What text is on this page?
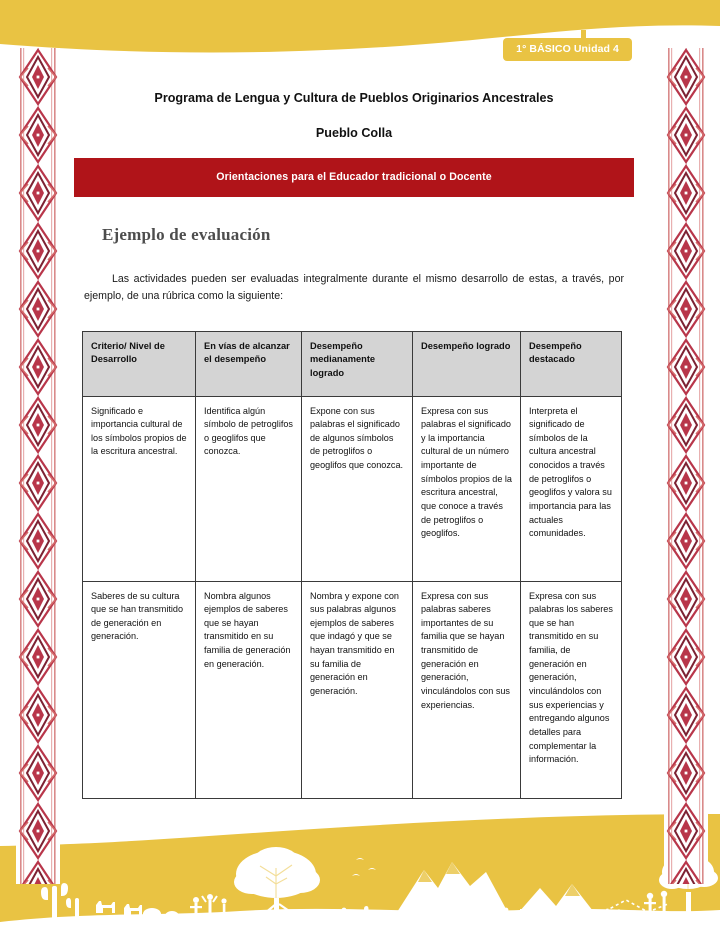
1° BÁSICO Unidad 4
Programa de Lengua y Cultura de Pueblos Originarios Ancestrales
Pueblo Colla
Orientaciones para el Educador tradicional o Docente
Ejemplo de evaluación

Las actividades pueden ser evaluadas integralmente durante el mismo desarrollo de estas, a través, por ejemplo, de una rúbrica como la siguiente:

Criterio/ Nivel de Desarrollo	En vías de alcanzar el desempeño	Desempeño medianamente logrado	Desempeño logrado	Desempeño destacado
Significado e importancia cultural de los símbolos propios de la escritura ancestral.	Identifica algún símbolo de petroglifos o geoglifos que conozca.	Expone con sus palabras el significado de algunos símbolos de petroglifos o geoglifos que conozca.	Expresa con sus palabras el significado y la importancia cultural de un número importante de símbolos propios de la escritura ancestral, que conoce a través de petroglifos o geoglifos.	Interpreta el significado de símbolos de la cultura ancestral conocidos a través de petroglifos o geoglifos y valora su importancia para las actuales comunidades.
Saberes de su cultura que se han transmitido de generación en generación.	Nombra algunos ejemplos de saberes que se hayan transmitido en su familia de generación en generación.	Nombra y expone con sus palabras algunos ejemplos de saberes que indagó y que se hayan transmitido en su familia de generación en generación.	Expresa con sus palabras saberes importantes de su familia que se hayan transmitido de generación en generación, vinculándolos con sus experiencias.	Expresa con sus palabras los saberes que se han transmitido en su familia, de generación en generación, vinculándolos con sus experiencias y entregando algunos detalles para complementar la información.
